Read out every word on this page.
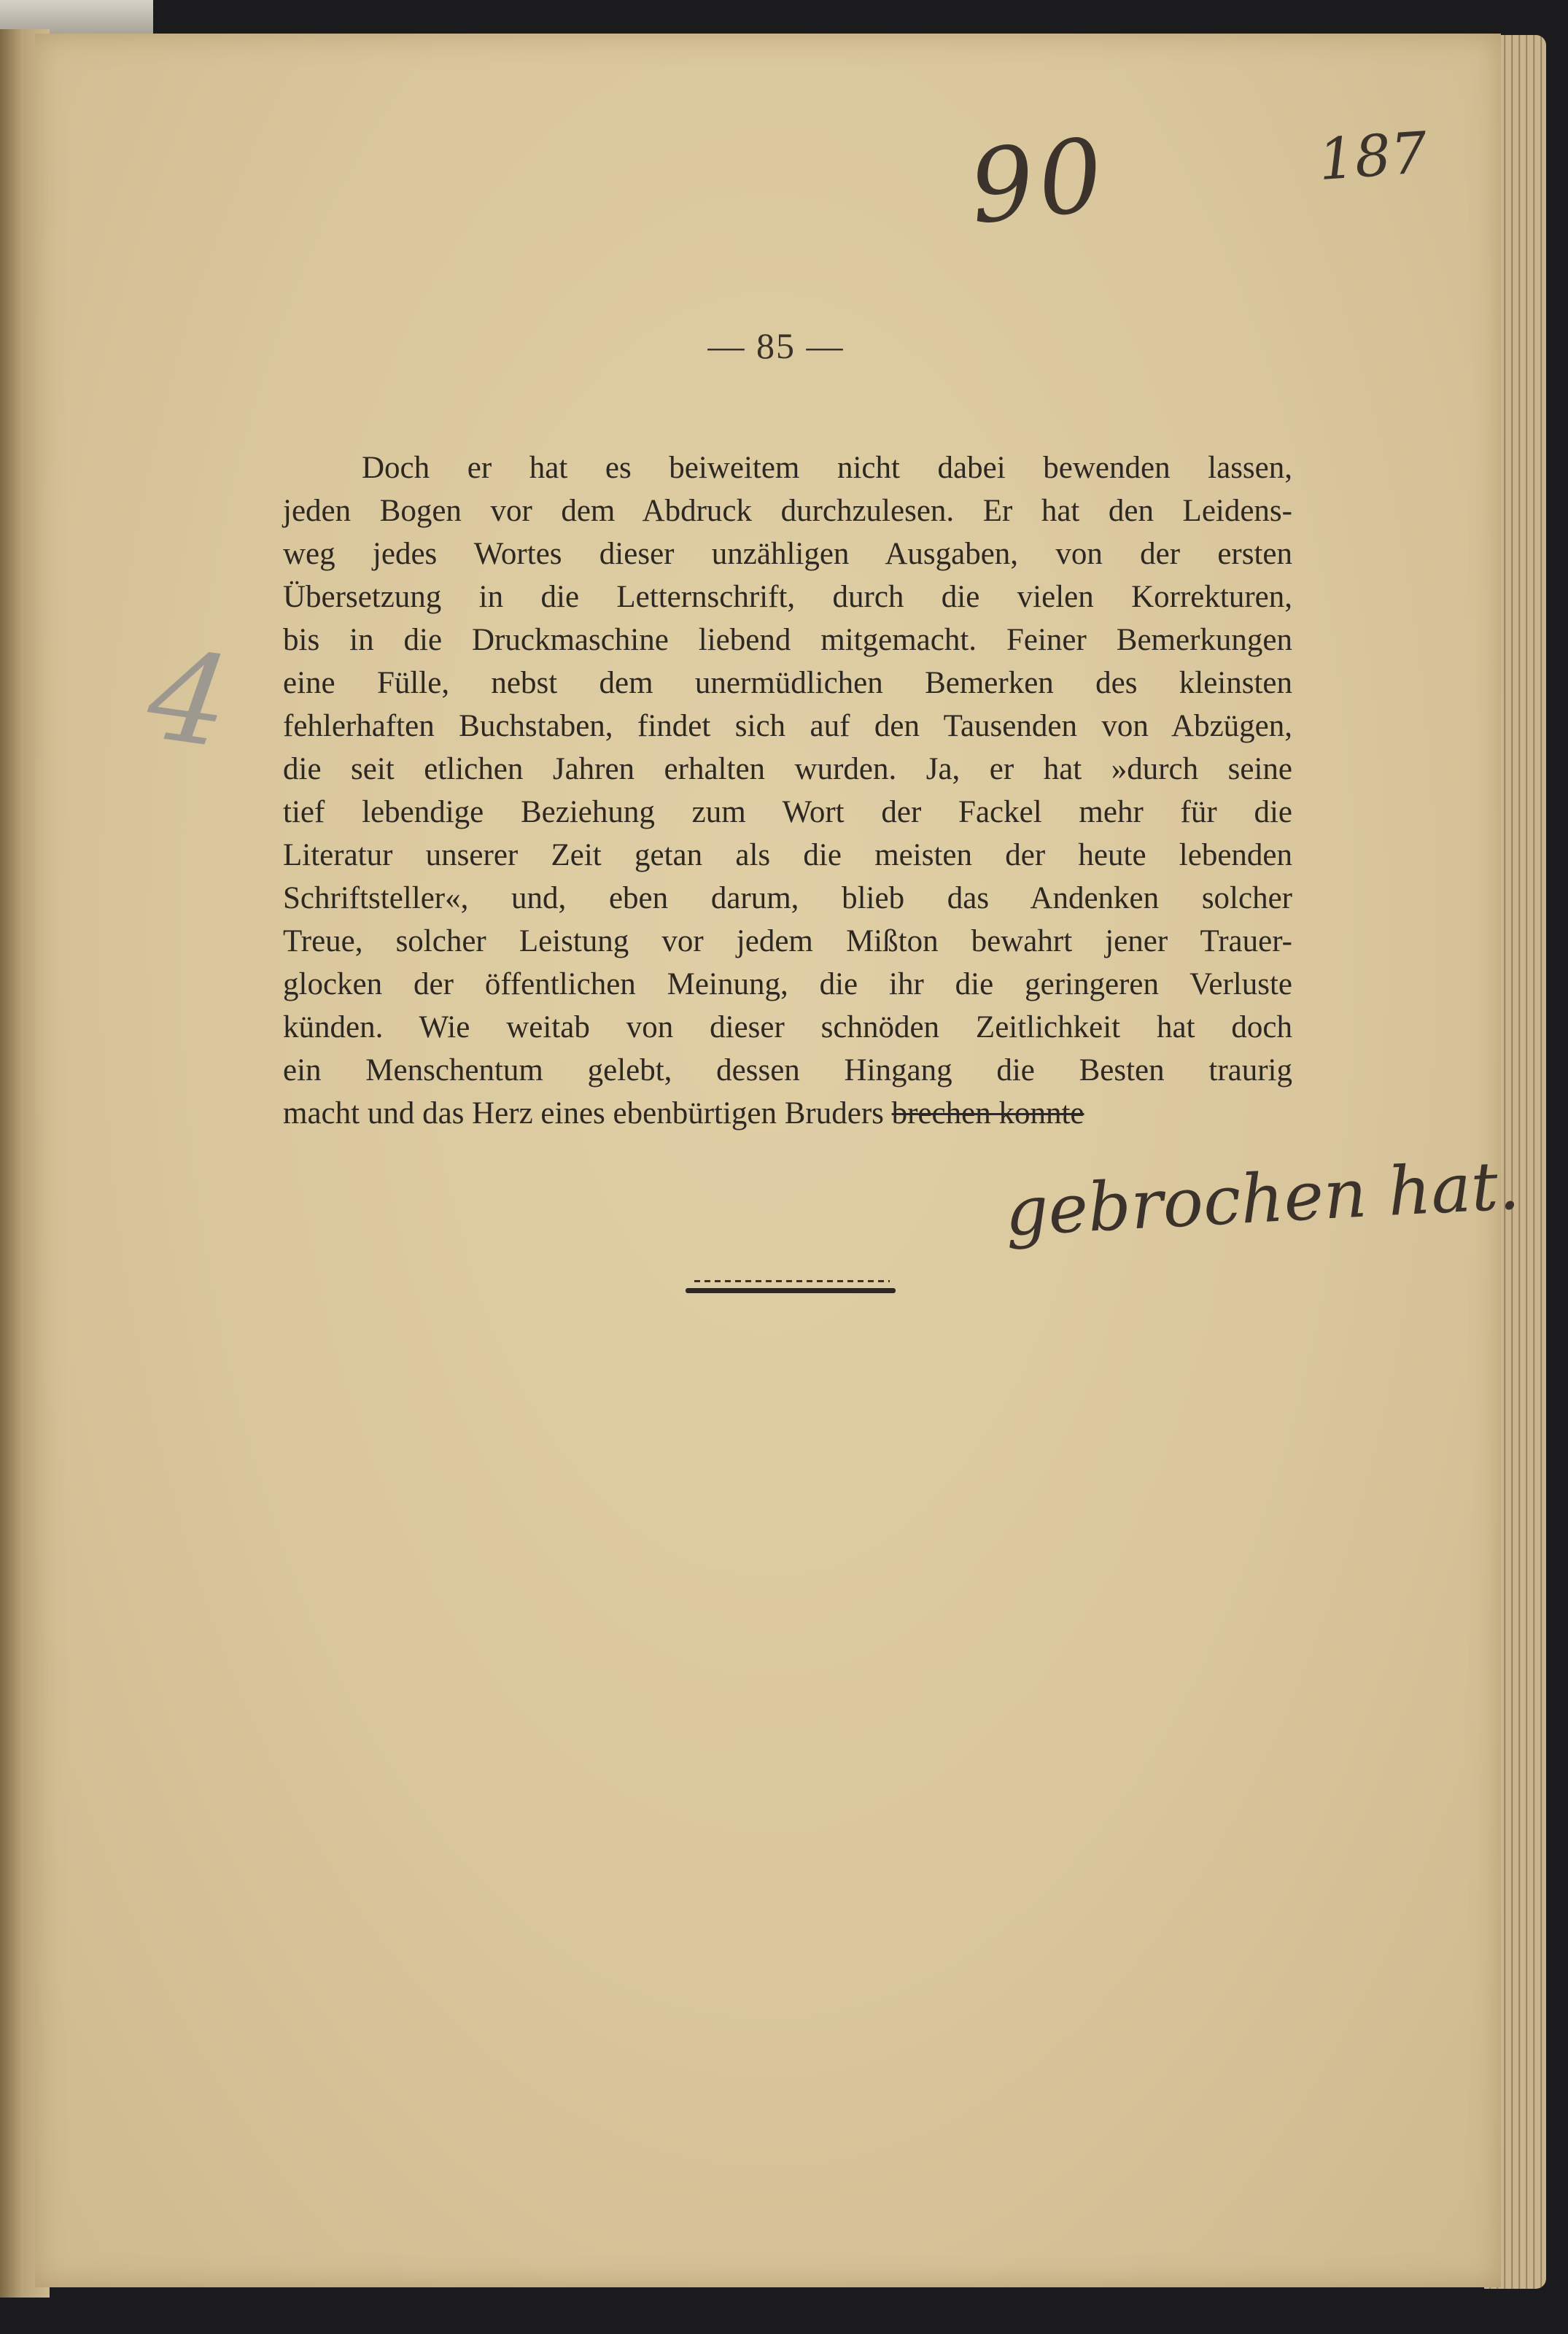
90	187
4
— 85 —
Doch er hat es beiweitem nicht dabei bewenden lassen,
jeden Bogen vor dem Abdruck durchzulesen. Er hat den Leidens-
weg jedes Wortes dieser unzähligen Ausgaben, von der ersten
Übersetzung in die Letternschrift, durch die vielen Korrekturen,
bis in die Druckmaschine liebend mitgemacht. Feiner Bemerkungen
eine Fülle, nebst dem unermüdlichen Bemerken des kleinsten
fehlerhaften Buchstaben, findet sich auf den Tausenden von Abzügen,
die seit etlichen Jahren erhalten wurden. Ja, er hat »durch seine
tief lebendige Beziehung zum Wort der Fackel mehr für die
Literatur unserer Zeit getan als die meisten der heute lebenden
Schriftsteller«, und, eben darum, blieb das Andenken solcher
Treue, solcher Leistung vor jedem Mißton bewahrt jener Trauer-
glocken der öffentlichen Meinung, die ihr die geringeren Verluste
künden. Wie weitab von dieser schnöden Zeitlichkeit hat doch
ein Menschentum gelebt, dessen Hingang die Besten traurig
macht und das Herz eines ebenbürtigen Bruders brechen konnte
gebrochen hat.
